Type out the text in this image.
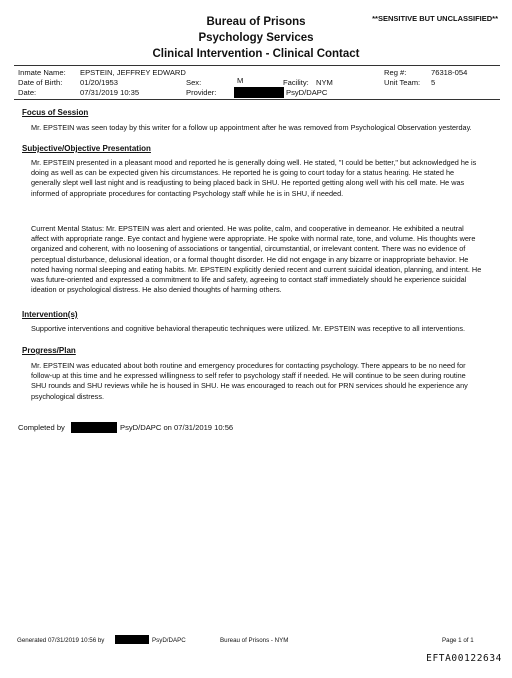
**SENSITIVE BUT UNCLASSIFIED**
Bureau of Prisons
Psychology Services
Clinical Intervention - Clinical Contact
Inmate Name: EPSTEIN, JEFFREY EDWARD	Reg #:	76318-054
Date of Birth: 01/20/1953	Sex:	M	Facility: NYM	Unit Team: 5
Date:	07/31/2019 10:35	Provider:	PsyD/DAPC
Focus of Session

Mr. EPSTEIN was seen today by this writer for a follow up appointment after he was removed from Psychological Observation yesterday.

Subjective/Objective Presentation

Mr. EPSTEIN presented in a pleasant mood and reported he is generally doing well. He stated, "I could be better," but acknowledged he is doing as well as can be expected given his circumstances. He reported he is going to court today for a status hearing. He stated he generally slept well last night and is readjusting to being placed back in SHU. He reported getting along well with his cell mate. He was informed of appropriate procedures for contacting Psychology staff while he is in SHU, if needed.

Current Mental Status: Mr. EPSTEIN was alert and oriented. He was polite, calm, and cooperative in demeanor. He exhibited a neutral affect with appropriate range. Eye contact and hygiene were appropriate. He spoke with normal rate, tone, and volume. His thoughts were organized and coherent, with no loosening of associations or tangential, circumstantial, or irrelevant content. There was no evidence of perceptual disturbance, delusional ideation, or a formal thought disorder. He did not engage in any bizarre or inappropriate behavior. He noted having normal sleeping and eating habits. Mr. EPSTEIN explicitly denied recent and current suicidal ideation, planning, and intent. He was future-oriented and expressed a commitment to life and safety, agreeing to contact staff immediately should he experience suicidal ideation or psychological distress. He also denied thoughts of harming others.

Intervention(s)

Supportive interventions and cognitive behavioral therapeutic techniques were utilized. Mr. EPSTEIN was receptive to all interventions.

Progress/Plan

Mr. EPSTEIN was educated about both routine and emergency procedures for contacting psychology. There appears to be no need for follow-up at this time and he expressed willingness to self refer to psychology staff if needed. He will continue to be seen during routine SHU rounds and SHU reviews while he is housed in SHU. He was encouraged to reach out for PRN services should he experience any psychological distress.

Completed by	PsyD/DAPC on 07/31/2019 10:56
Generated 07/31/2019 10:56 by	PsyD/DAPC	Bureau of Prisons - NYM	Page 1 of 1
EFTA00122634
